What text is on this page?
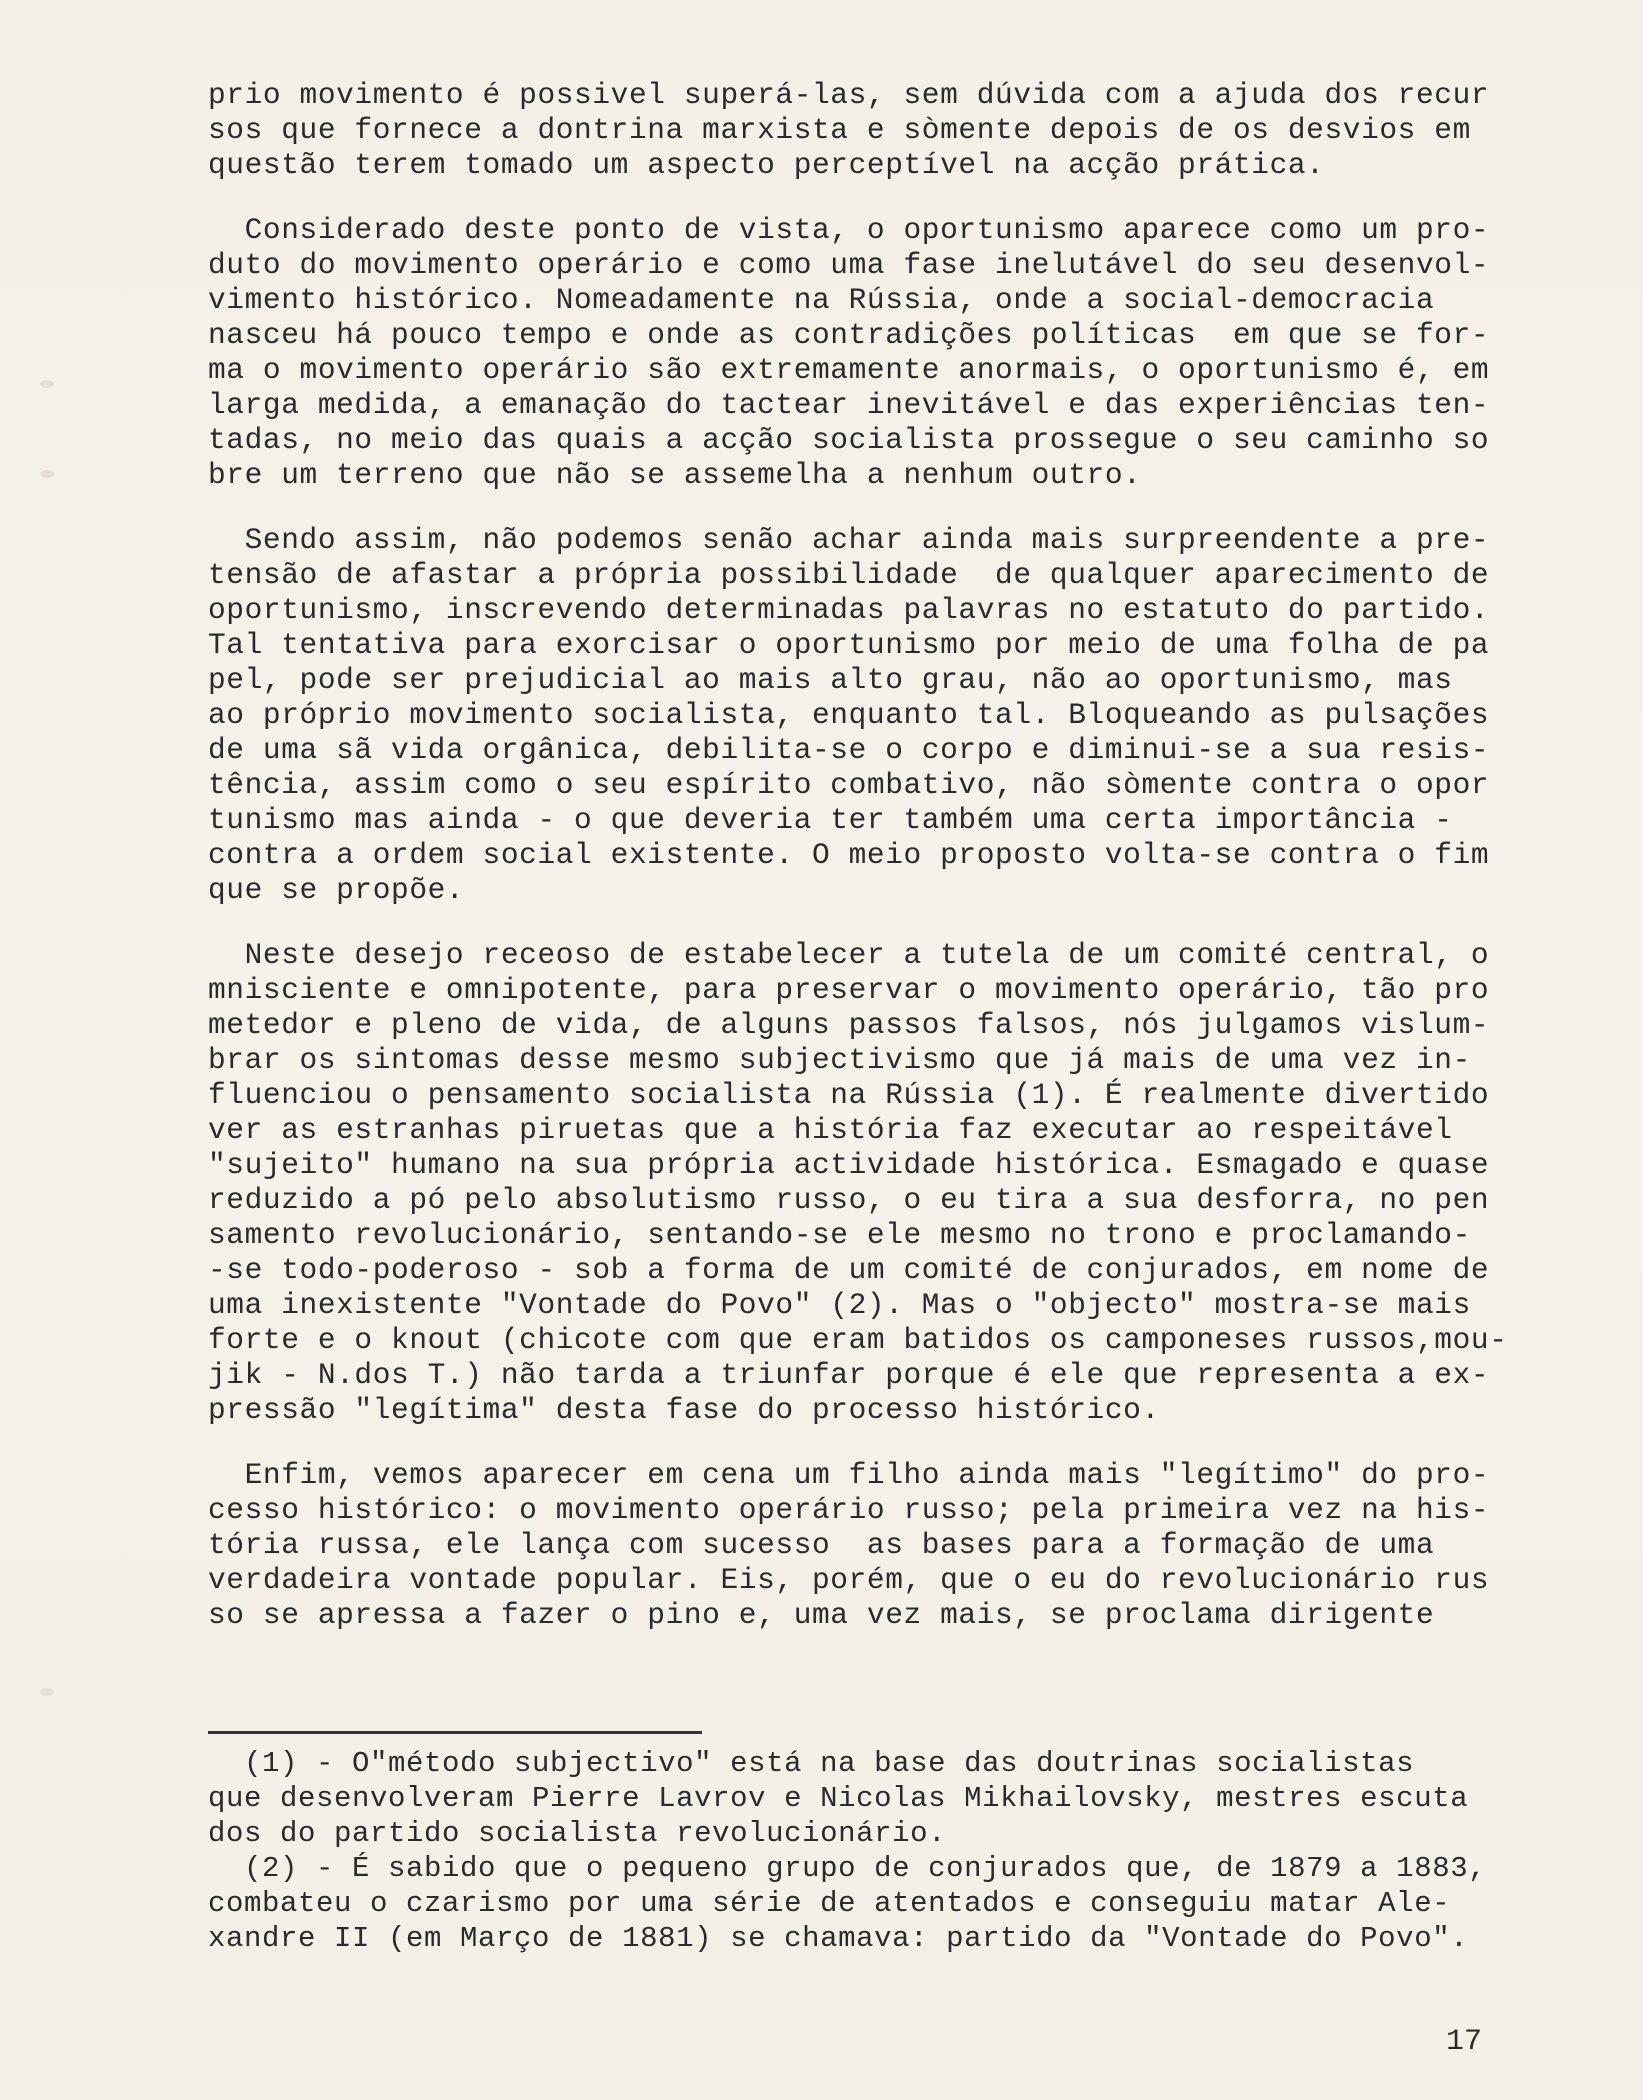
prio movimento é possivel superá-las, sem dúvida com a ajuda dos recur
sos que fornece a dontrina marxista e sòmente depois de os desvios em
questão terem tomado um aspecto perceptível na acção prática.
Considerado deste ponto de vista, o oportunismo aparece como um pro-
duto do movimento operário e como uma fase inelutável do seu desenvol-
vimento histórico. Nomeadamente na Rússia, onde a social-democracia
nasceu há pouco tempo e onde as contradições políticas  em que se for-
ma o movimento operário são extremamente anormais, o oportunismo é, em
larga medida, a emanação do tactear inevitável e das experiências ten-
tadas, no meio das quais a acção socialista prossegue o seu caminho so
bre um terreno que não se assemelha a nenhum outro.
Sendo assim, não podemos senão achar ainda mais surpreendente a pre-
tensão de afastar a própria possibilidade  de qualquer aparecimento de
oportunismo, inscrevendo determinadas palavras no estatuto do partido.
Tal tentativa para exorcisar o oportunismo por meio de uma folha de pa
pel, pode ser prejudicial ao mais alto grau, não ao oportunismo, mas
ao próprio movimento socialista, enquanto tal. Bloqueando as pulsações
de uma sã vida orgânica, debilita-se o corpo e diminui-se a sua resis-
tência, assim como o seu espírito combativo, não sòmente contra o opor
tunismo mas ainda - o que deveria ter também uma certa importância -
contra a ordem social existente. O meio proposto volta-se contra o fim
que se propõe.
Neste desejo receoso de estabelecer a tutela de um comité central, o
mnisciente e omnipotente, para preservar o movimento operário, tão pro
metedor e pleno de vida, de alguns passos falsos, nós julgamos vislum-
brar os sintomas desse mesmo subjectivismo que já mais de uma vez in-
fluenciou o pensamento socialista na Rússia (1). É realmente divertido
ver as estranhas piruetas que a história faz executar ao respeitável
"sujeito" humano na sua própria actividade histórica. Esmagado e quase
reduzido a pó pelo absolutismo russo, o eu tira a sua desforra, no pen
samento revolucionário, sentando-se ele mesmo no trono e proclamando-
-se todo-poderoso - sob a forma de um comité de conjurados, em nome de
uma inexistente "Vontade do Povo" (2). Mas o "objecto" mostra-se mais
forte e o knout (chicote com que eram batidos os camponeses russos,mou-
jik - N.dos T.) não tarda a triunfar porque é ele que representa a ex-
pressão "legítima" desta fase do processo histórico.
Enfim, vemos aparecer em cena um filho ainda mais "legítimo" do pro-
cesso histórico: o movimento operário russo; pela primeira vez na his-
tória russa, ele lança com sucesso  as bases para a formação de uma
verdadeira vontade popular. Eis, porém, que o eu do revolucionário rus
so se apressa a fazer o pino e, uma vez mais, se proclama dirigente
(1) - O"método subjectivo" está na base das doutrinas socialistas
que desenvolveram Pierre Lavrov e Nicolas Mikhailovsky, mestres escuta
dos do partido socialista revolucionário.
(2) - É sabido que o pequeno grupo de conjurados que, de 1879 a 1883,
combateu o czarismo por uma série de atentados e conseguiu matar Ale-
xandre II (em Março de 1881) se chamava: partido da "Vontade do Povo".
17
